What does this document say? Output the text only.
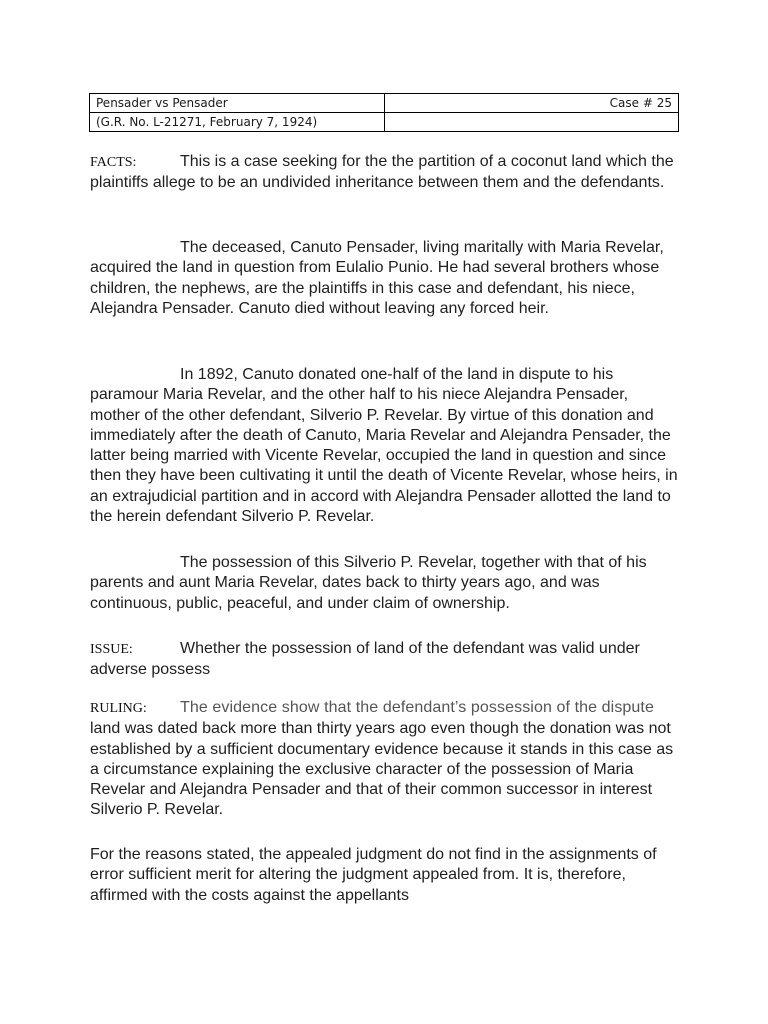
Pensader vs Pensader	Case # 25
(G.R. No. L-21271, February 7, 1924)	

FACTS:	This is a case seeking for the the partition of a coconut land which the plaintiffs allege to be an undivided inheritance between them and the defendants.

The deceased, Canuto Pensader, living maritally with Maria Revelar, acquired the land in question from Eulalio Punio. He had several brothers whose children, the nephews, are the plaintiffs in this case and defendant, his niece, Alejandra Pensader. Canuto died without leaving any forced heir.

In 1892, Canuto donated one-half of the land in dispute to his paramour Maria Revelar, and the other half to his niece Alejandra Pensader, mother of the other defendant, Silverio P. Revelar. By virtue of this donation and immediately after the death of Canuto, Maria Revelar and Alejandra Pensader, the latter being married with Vicente Revelar, occupied the land in question and since then they have been cultivating it until the death of Vicente Revelar, whose heirs, in an extrajudicial partition and in accord with Alejandra Pensader allotted the land to the herein defendant Silverio P. Revelar.

The possession of this Silverio P. Revelar, together with that of his parents and aunt Maria Revelar, dates back to thirty years ago, and was continuous, public, peaceful, and under claim of ownership.

ISSUE:	Whether the possession of land of the defendant was valid under adverse possess

RULING: The evidence show that the defendant’s possession of the dispute land was dated back more than thirty years ago even though the donation was not established by a sufficient documentary evidence because it stands in this case as a circumstance explaining the exclusive character of the possession of Maria Revelar and Alejandra Pensader and that of their common successor in interest Silverio P. Revelar.

For the reasons stated, the appealed judgment do not find in the assignments of error sufficient merit for altering the judgment appealed from. It is, therefore, affirmed with the costs against the appellants
